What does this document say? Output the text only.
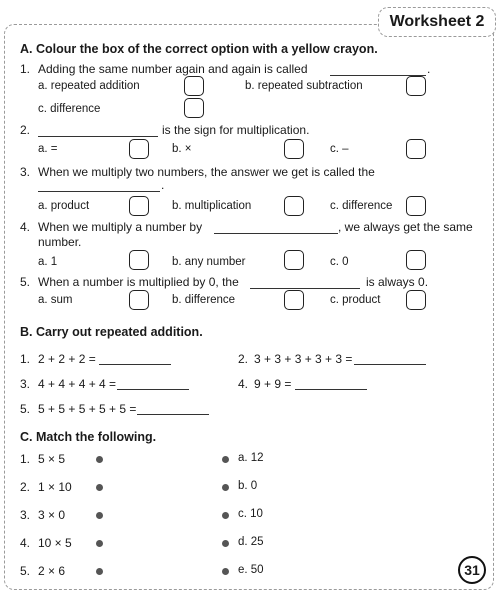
Worksheet 2
A. Colour the box of the correct option with a yellow crayon.
1. Adding the same number again and again is called	.
a. repeated addition	b. repeated subtraction
c. difference
2.	is the sign for multiplication.
a. =	b. ×	c. –
3. When we multiply two numbers, the answer we get is called the
.
a. product	b. multiplication	c. difference
4. When we multiply a number by	, we always get the same
number.
a. 1	b. any number	c. 0
5. When a number is multiplied by 0, the	is always 0.
a. sum	b. difference	c. product
B. Carry out repeated addition.
1. 2 + 2 + 2 =	2. 3 + 3 + 3 + 3 + 3 =
3. 4 + 4 + 4 + 4 =	4. 9 + 9 =
5. 5 + 5 + 5 + 5 + 5 =
C. Match the following.
1. 5 × 5	a. 12
2. 1 × 10	b. 0
3. 3 × 0	c. 10
4. 10 × 5	d. 25
5. 2 × 6	e. 50	31
